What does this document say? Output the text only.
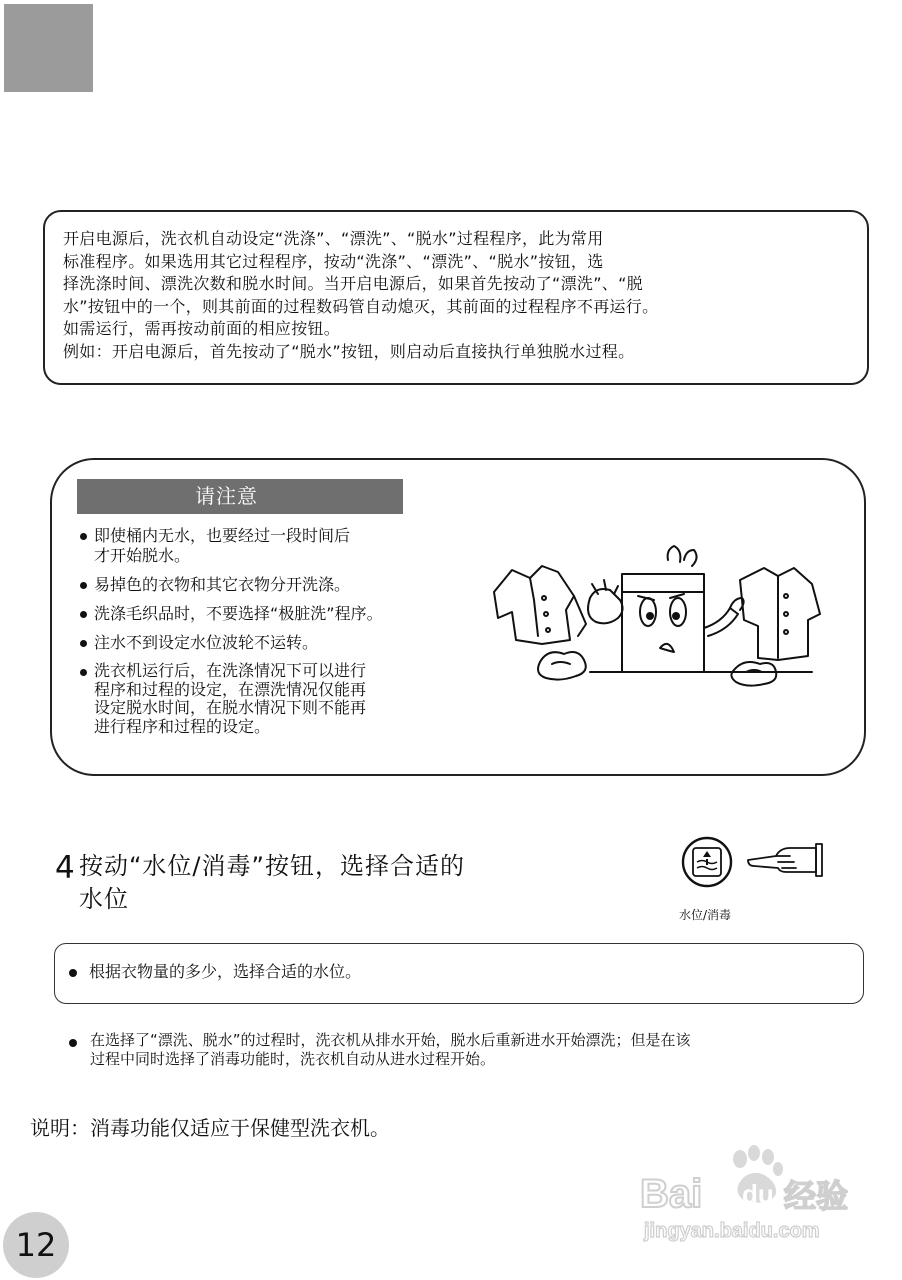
开启电源后，洗衣机自动设定“洗涤”、“漂洗”、“脱水”过程程序，此为常用

标准程序。如果选用其它过程程序，按动“洗涤”、“漂洗”、“脱水”按钮，选

择洗涤时间、漂洗次数和脱水时间。当开启电源后，如果首先按动了“漂洗”、“脱

水”按钮中的一个，则其前面的过程数码管自动熄灭，其前面的过程程序不再运行。

如需运行，需再按动前面的相应按钮。

例如：开启电源后，首先按动了“脱水”按钮，则启动后直接执行单独脱水过程。

请注意
即使桶内无水，也要经过一段时间后
才开始脱水。
易掉色的衣物和其它衣物分开洗涤。
洗涤毛织品时，不要选择“极脏洗”程序。
注水不到设定水位波轮不运转。
洗衣机运行后，在洗涤情况下可以进行
程序和过程的设定，在漂洗情况仅能再
设定脱水时间，在脱水情况下则不能再
进行程序和过程的设定。
4 按动“水位/消毒”按钮，选择合适的
水位
水位/消毒
根据衣物量的多少，选择合适的水位。

在选择了“漂洗、脱水”的过程时，洗衣机从排水开始，脱水后重新进水开始漂洗；但是在该

过程中同时选择了消毒功能时，洗衣机自动从进水过程开始。

说明：消毒功能仅适应于保健型洗衣机。
Bai du 经验
jingyan.baidu.com
12
